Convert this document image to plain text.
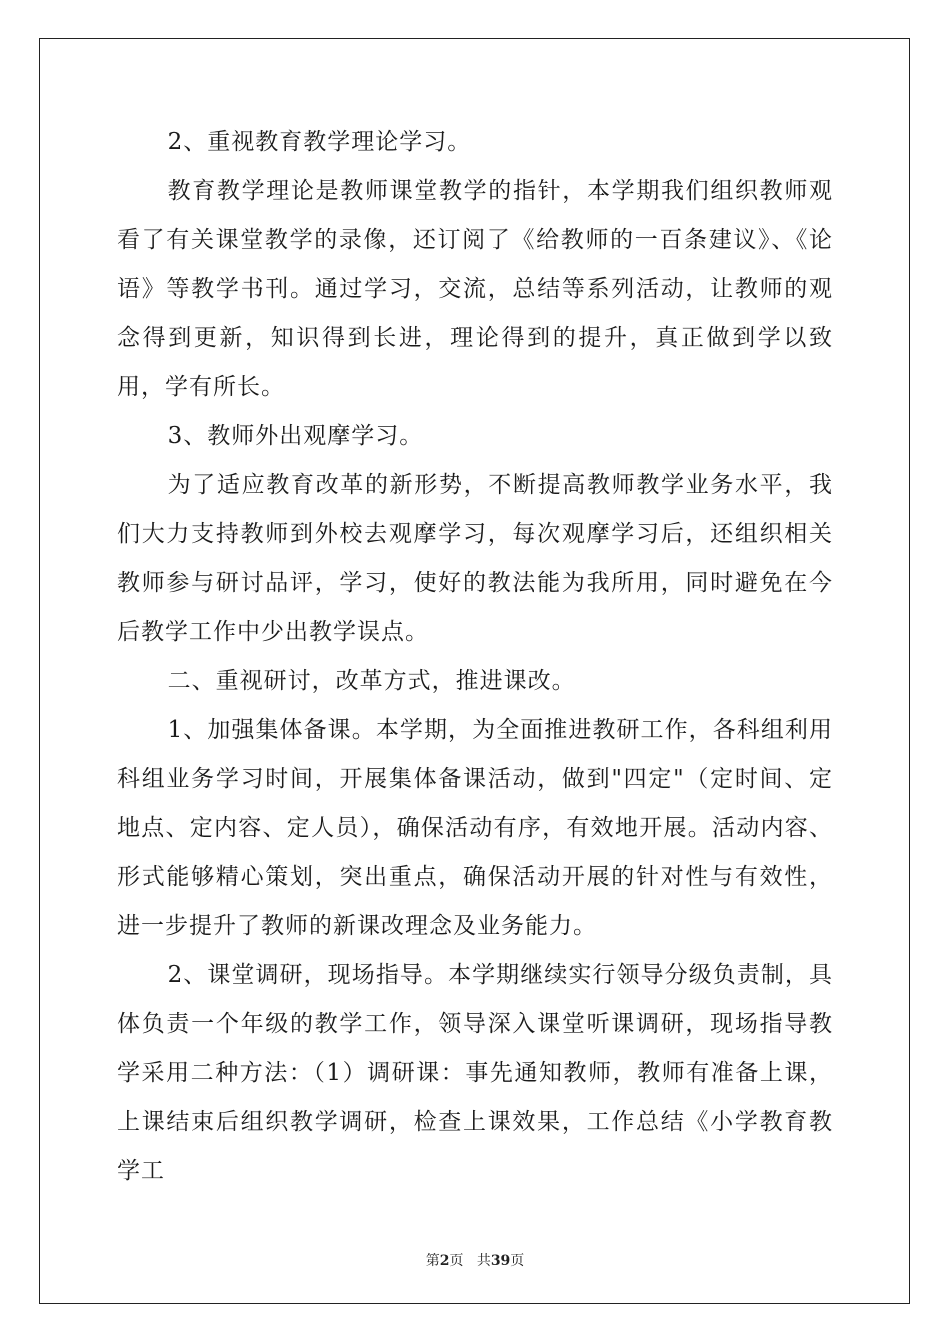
2、重视教育教学理论学习。

教育教学理论是教师课堂教学的指针，本学期我们组织教师观看了有关课堂教学的录像，还订阅了《给教师的一百条建议》、《论语》等教学书刊。通过学习，交流，总结等系列活动，让教师的观念得到更新，知识得到长进，理论得到的提升，真正做到学以致用，学有所长。

3、教师外出观摩学习。

为了适应教育改革的新形势，不断提高教师教学业务水平，我们大力支持教师到外校去观摩学习，每次观摩学习后，还组织相关教师参与研讨品评，学习，使好的教法能为我所用，同时避免在今后教学工作中少出教学误点。

二、重视研讨，改革方式，推进课改。

1、加强集体备课。本学期，为全面推进教研工作，各科组利用科组业务学习时间，开展集体备课活动，做到"四定"（定时间、定地点、定内容、定人员），确保活动有序，有效地开展。活动内容、形式能够精心策划，突出重点，确保活动开展的针对性与有效性，进一步提升了教师的新课改理念及业务能力。

2、课堂调研，现场指导。本学期继续实行领导分级负责制，具体负责一个年级的教学工作，领导深入课堂听课调研，现场指导教学采用二种方法：（1）调研课：事先通知教师，教师有准备上课，上课结束后组织教学调研，检查上课效果，工作总结《小学教育教学工

第2页 共39页
